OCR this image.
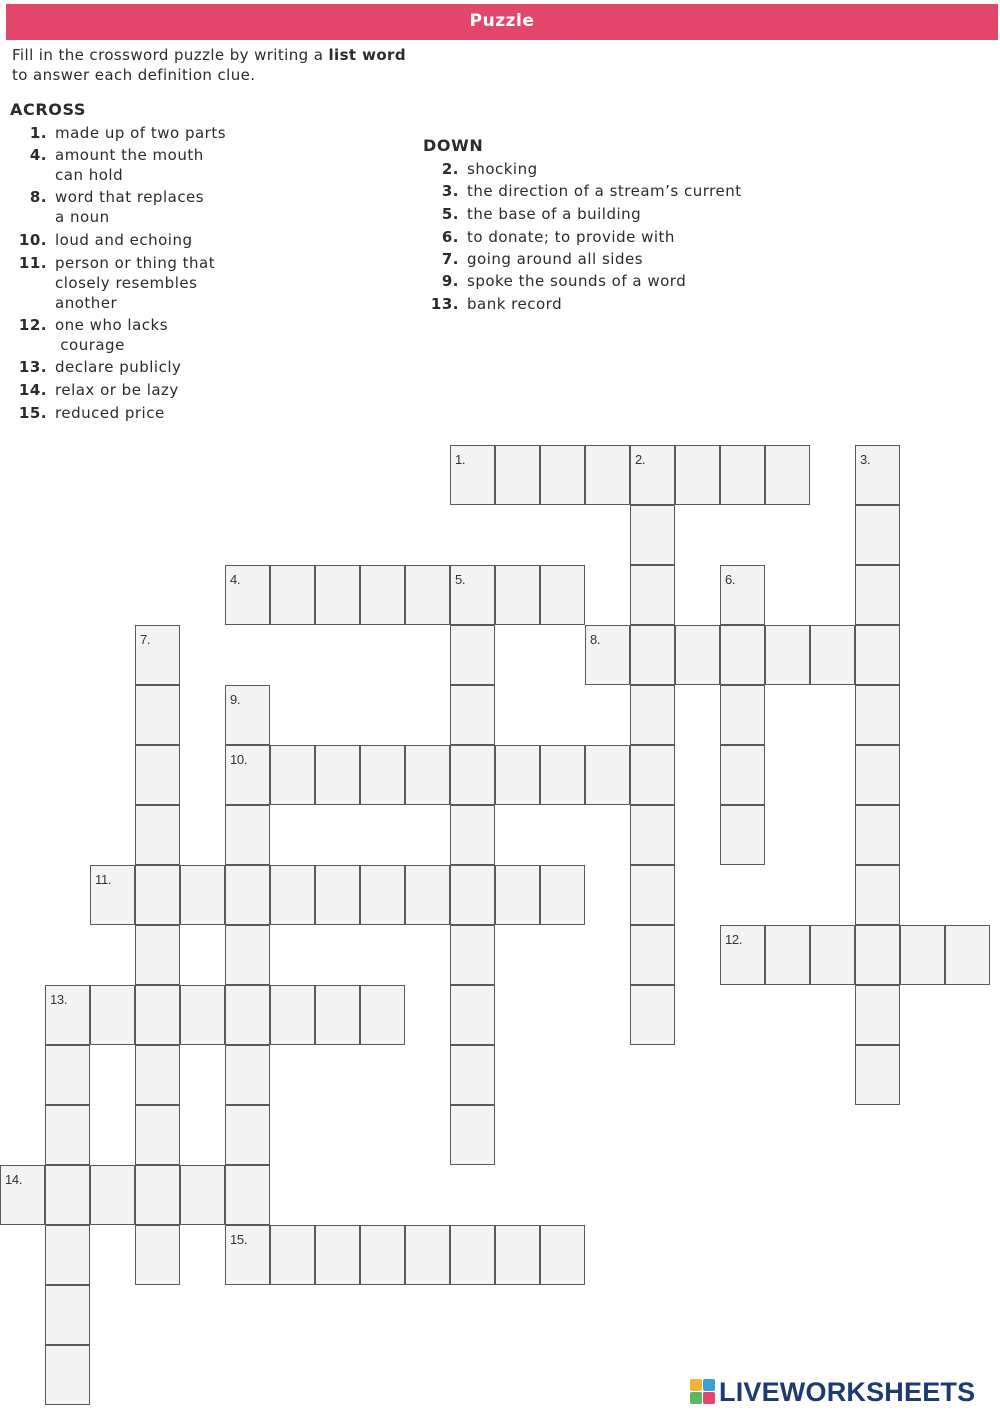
Puzzle
Fill in the crossword puzzle by writing a list word
to answer each definition clue.
ACROSS
DOWN
1. made up of two parts
4. amount the mouth
can hold
8. word that replaces
a noun
10. loud and echoing
11. person or thing that
closely resembles
another
12. one who lacks
courage
13. declare publicly
14. relax or be lazy
15. reduced price
2. shocking
3. the direction of a stream’s current
5. the base of a building
6. to donate; to provide with
7. going around all sides
9. spoke the sounds of a word
13. bank record
1.	2.	3.
4.	5.	6.
7.	8.
9.
10.
15.
11.
12.
13.
14.
LIVEWORKSHEETS
